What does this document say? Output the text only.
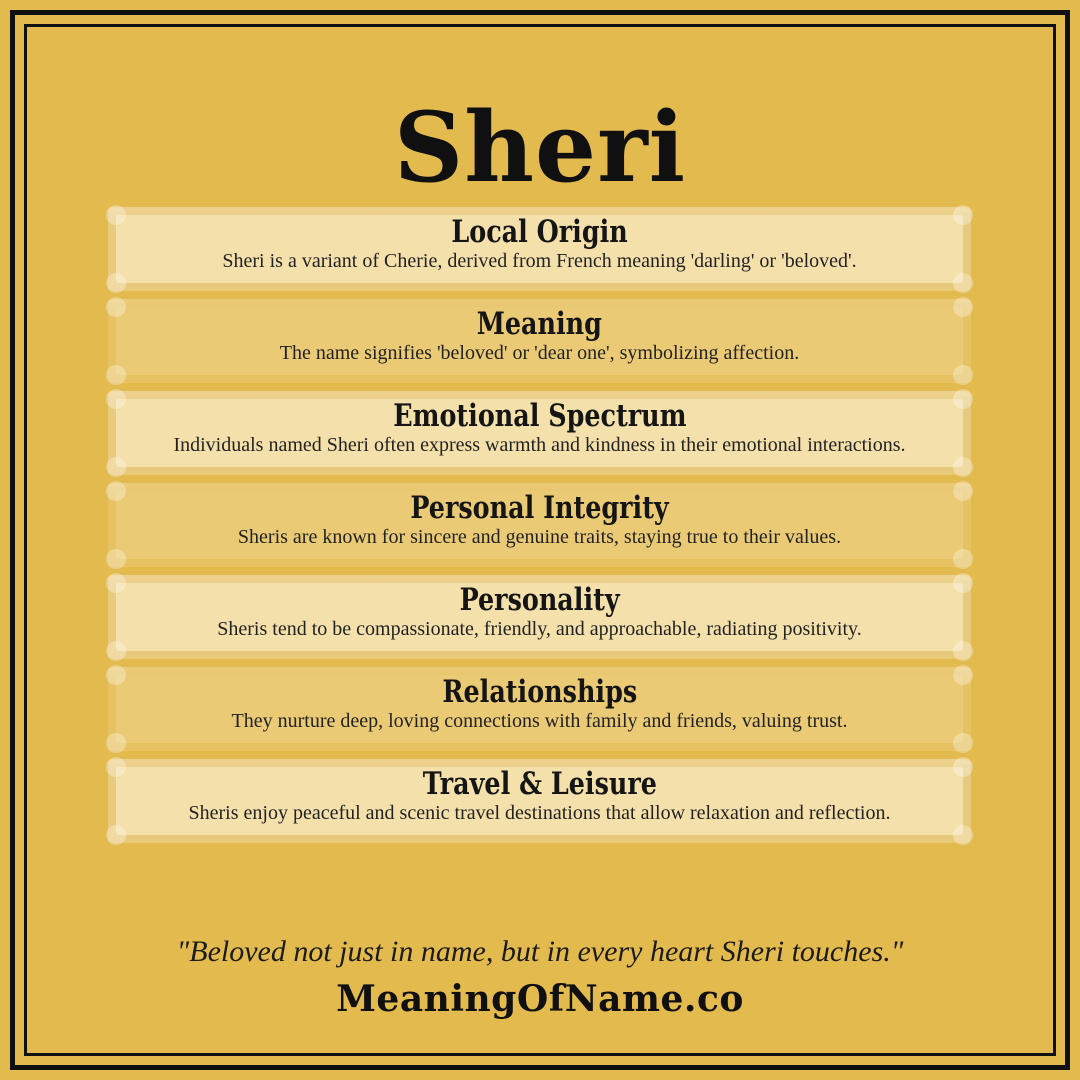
Sheri
Local Origin

Sheri is a variant of Cherie, derived from French meaning 'darling' or 'beloved'.

Meaning

The name signifies 'beloved' or 'dear one', symbolizing affection.

Emotional Spectrum

Individuals named Sheri often express warmth and kindness in their emotional interactions.

Personal Integrity

Sheris are known for sincere and genuine traits, staying true to their values.

Personality

Sheris tend to be compassionate, friendly, and approachable, radiating positivity.

Relationships

They nurture deep, loving connections with family and friends, valuing trust.

Travel & Leisure

Sheris enjoy peaceful and scenic travel destinations that allow relaxation and reflection.

"Beloved not just in name, but in every heart Sheri touches."
MeaningOfName.co
